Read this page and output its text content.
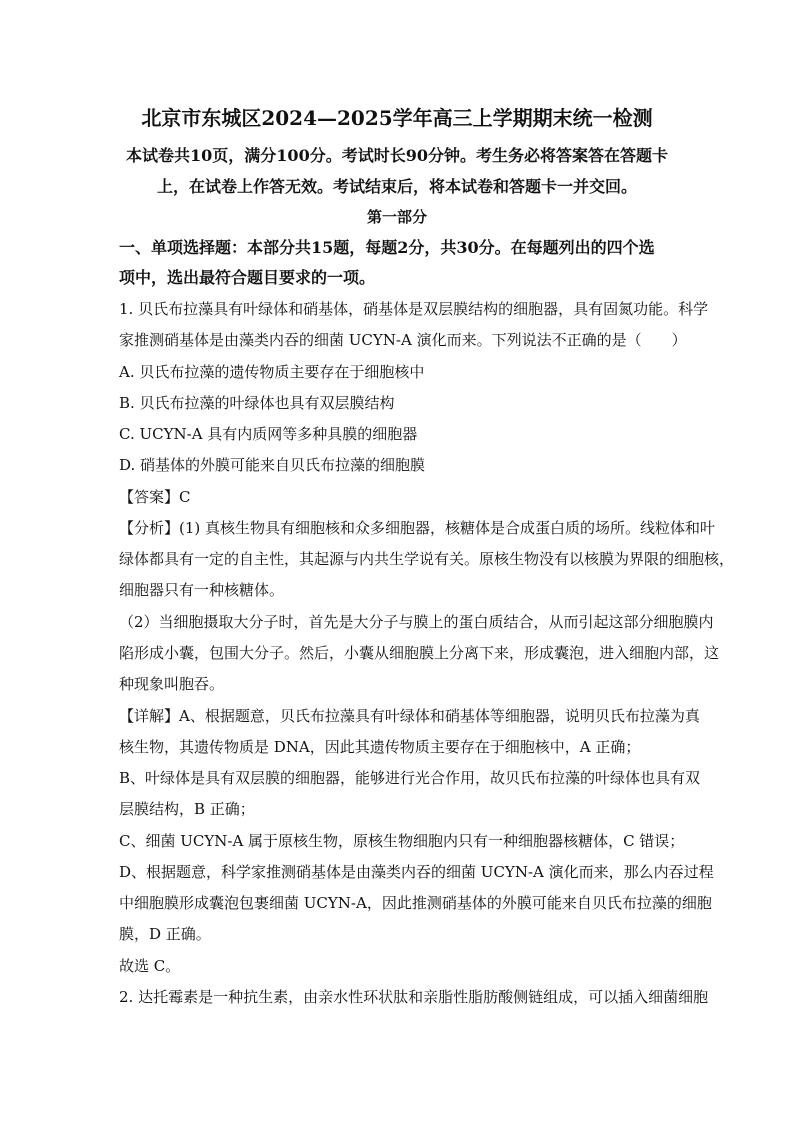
北京市东城区2024—2025学年高三上学期期末统一检测
本试卷共10页，满分100分。考试时长90分钟。考生务必将答案答在答题卡
上，在试卷上作答无效。考试结束后，将本试卷和答题卡一并交回。
第一部分
一、单项选择题：本部分共15题，每题2分，共30分。在每题列出的四个选
项中，选出最符合题目要求的一项。
1. 贝氏布拉藻具有叶绿体和硝基体，硝基体是双层膜结构的细胞器，具有固氮功能。科学
家推测硝基体是由藻类内吞的细菌 UCYN-A 演化而来。下列说法不正确的是（　　）
A. 贝氏布拉藻的遗传物质主要存在于细胞核中
B. 贝氏布拉藻的叶绿体也具有双层膜结构
C. UCYN-A 具有内质网等多种具膜的细胞器
D. 硝基体的外膜可能来自贝氏布拉藻的细胞膜
【答案】C
【分析】(1) 真核生物具有细胞核和众多细胞器，核糖体是合成蛋白质的场所。线粒体和叶
绿体都具有一定的自主性，其起源与内共生学说有关。原核生物没有以核膜为界限的细胞核，
细胞器只有一种核糖体。
（2）当细胞摄取大分子时，首先是大分子与膜上的蛋白质结合，从而引起这部分细胞膜内
陷形成小囊，包围大分子。然后，小囊从细胞膜上分离下来，形成囊泡，进入细胞内部，这
种现象叫胞吞。
【详解】A、根据题意，贝氏布拉藻具有叶绿体和硝基体等细胞器，说明贝氏布拉藻为真
核生物，其遗传物质是 DNA，因此其遗传物质主要存在于细胞核中，A 正确；
B、叶绿体是具有双层膜的细胞器，能够进行光合作用，故贝氏布拉藻的叶绿体也具有双
层膜结构，B 正确；
C、细菌 UCYN-A 属于原核生物，原核生物细胞内只有一种细胞器核糖体，C 错误；
D、根据题意，科学家推测硝基体是由藻类内吞的细菌 UCYN-A 演化而来，那么内吞过程
中细胞膜形成囊泡包裹细菌 UCYN-A，因此推测硝基体的外膜可能来自贝氏布拉藻的细胞
膜，D 正确。
故选 C。
2. 达托霉素是一种抗生素，由亲水性环状肽和亲脂性脂肪酸侧链组成，可以插入细菌细胞
